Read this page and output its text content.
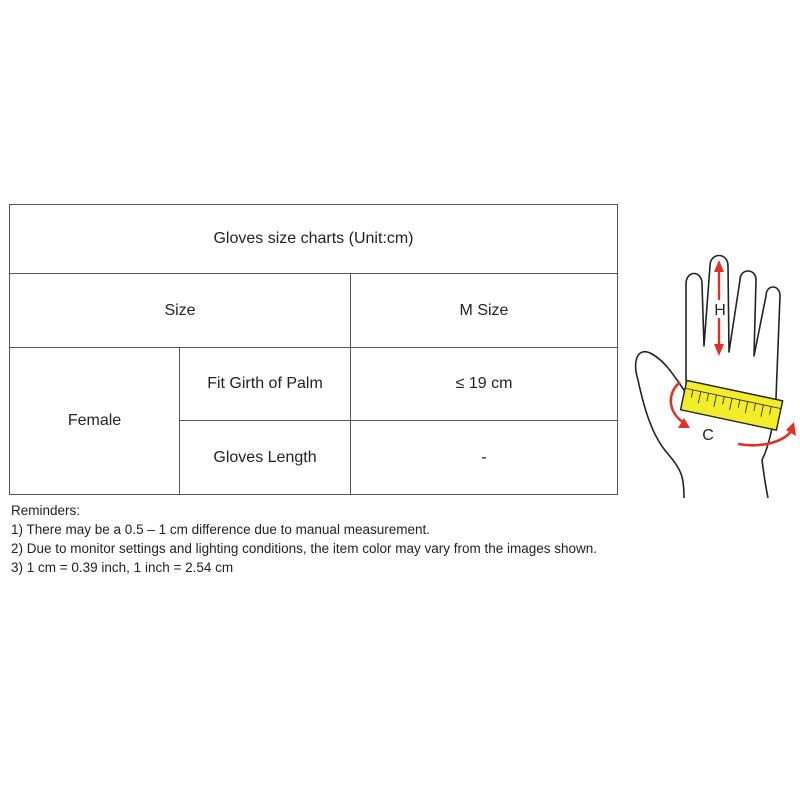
Gloves size charts (Unit:cm)		
Size		M Size
Female	Fit Girth of Palm	≤ 19 cm
	Gloves Length	-
Reminders:
1) There may be a 0.5 – 1 cm difference due to manual measurement.
2) Due to monitor settings and lighting conditions, the item color may vary from the images shown.
3) 1 cm = 0.39 inch, 1 inch = 2.54 cm
H
C
